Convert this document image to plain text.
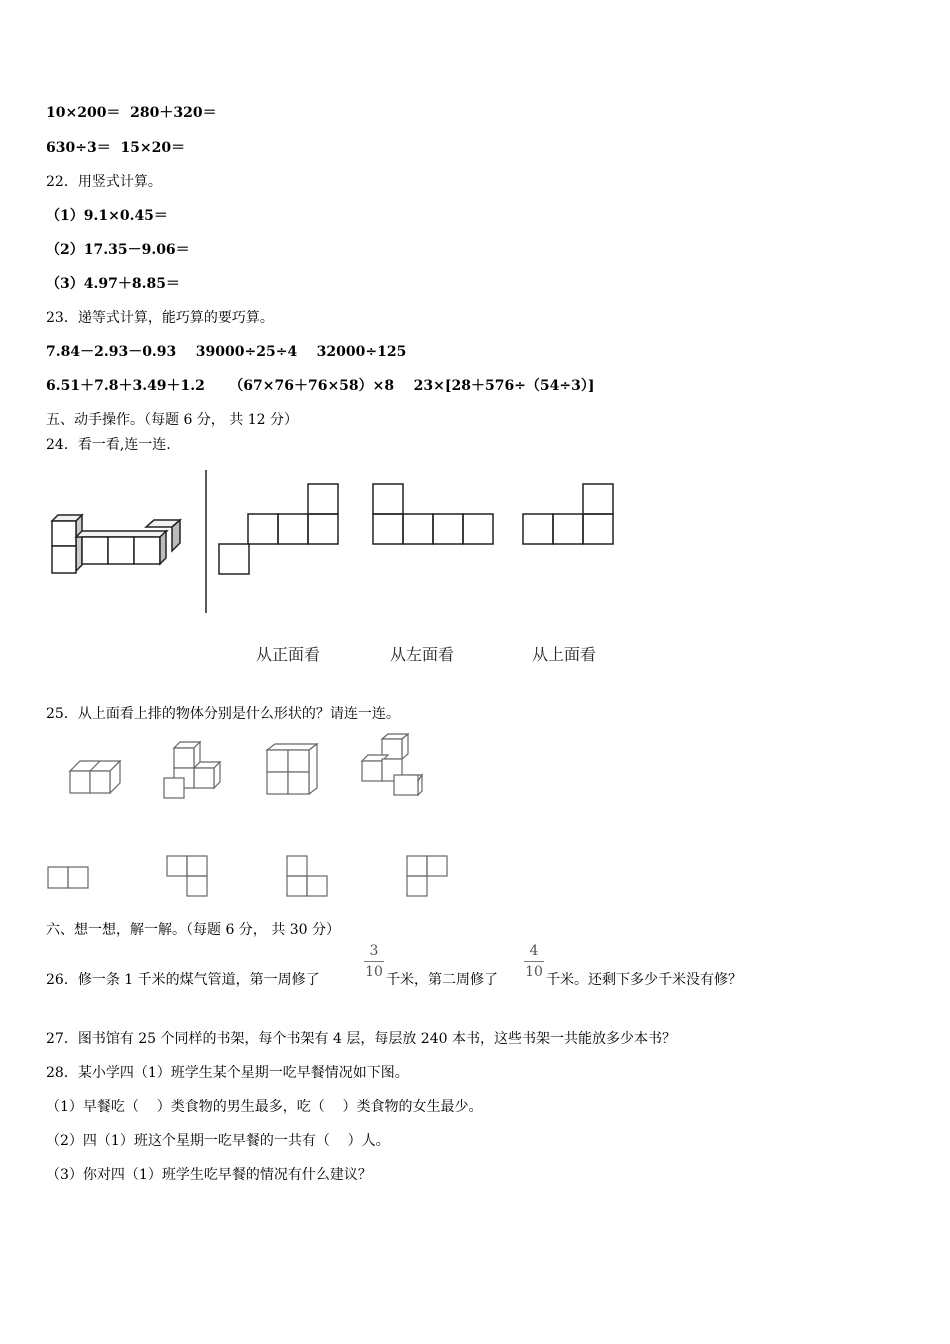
10×200＝  280＋320＝
630÷3＝  15×20＝
22．用竖式计算。
（1）9.1×0.45＝
（2）17.35－9.06＝
（3）4.97＋8.85＝
23．递等式计算，能巧算的要巧算。
7.84－2.93－0.93    39000÷25÷4    32000÷125
6.51＋7.8＋3.49＋1.2     （67×76＋76×58）×8    23×[28＋576÷（54÷3）]
五、动手操作。（每题 6 分， 共 12 分）
24．看一看,连一连.
从正面看	从左面看	从上面看
25．从上面看上排的物体分别是什么形状的？请连一连。
六、想一想，解一解。（每题 6 分， 共 30 分）
26．修一条 1 千米的煤气管道，第一周修了
3
10 千米，第二周修了
4
10 千米。还剩下多少千米没有修？
27．图书馆有 25 个同样的书架，每个书架有 4 层，每层放 240 本书，这些书架一共能放多少本书？
28．某小学四（1）班学生某个星期一吃早餐情况如下图。
（1）早餐吃（    ）类食物的男生最多，吃（    ）类食物的女生最少。
（2）四（1）班这个星期一吃早餐的一共有（    ）人。
（3）你对四（1）班学生吃早餐的情况有什么建议？
